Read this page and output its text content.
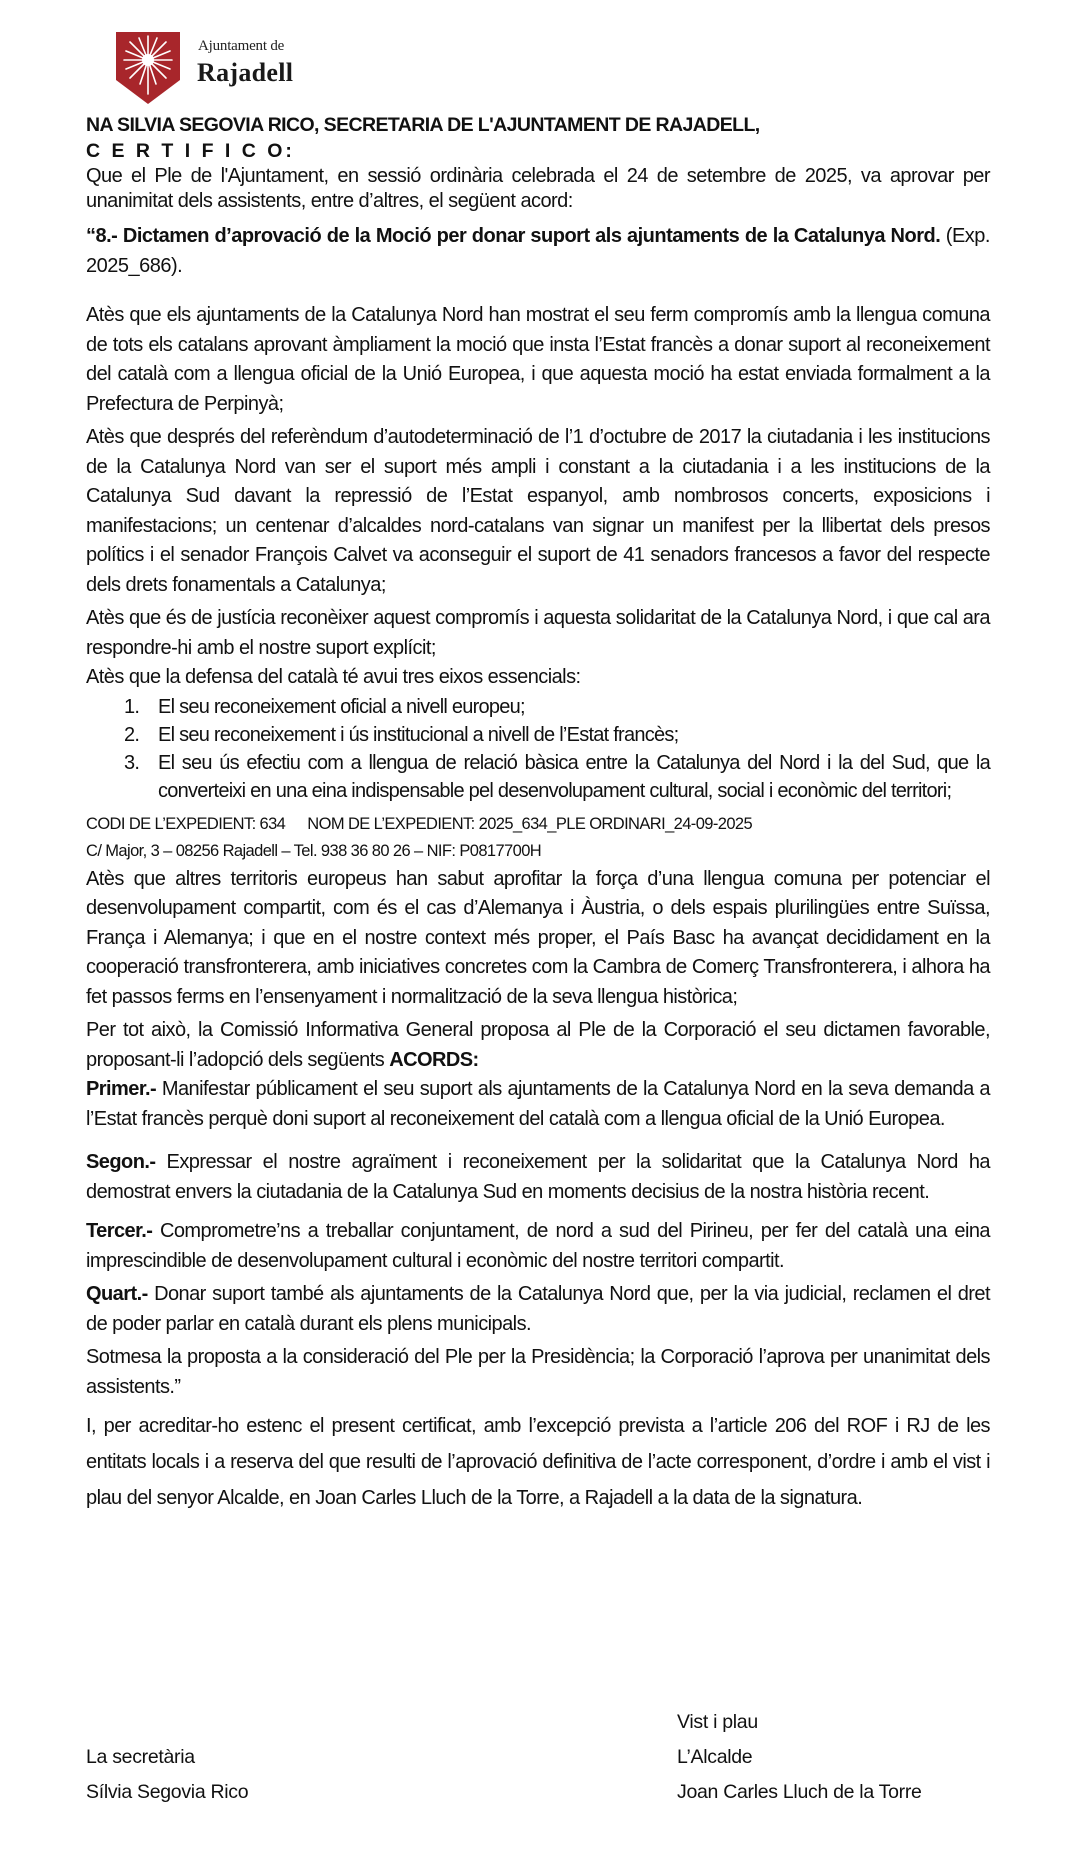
Ajuntament de
Rajadell

NA SILVIA SEGOVIA RICO, SECRETARIA DE L'AJUNTAMENT DE RAJADELL,

C E R T I F I C O:

Que el Ple de l'Ajuntament, en sessió ordinària celebrada el 24 de setembre de 2025, va aprovar per unanimitat dels assistents, entre d’altres, el següent acord:

“8.- Dictamen d’aprovació de la Moció per donar suport als ajuntaments de la Catalunya Nord. (Exp. 2025_686).

Atès que els ajuntaments de la Catalunya Nord han mostrat el seu ferm compromís amb la llengua comuna de tots els catalans aprovant àmpliament la moció que insta l’Estat francès a donar suport al reconeixement del català com a llengua oficial de la Unió Europea, i que aquesta moció ha estat enviada formalment a la Prefectura de Perpinyà;

Atès que després del referèndum d’autodeterminació de l’1 d’octubre de 2017 la ciutadania i les institucions de la Catalunya Nord van ser el suport més ampli i constant a la ciutadania i a les institucions de la Catalunya Sud davant la repressió de l’Estat espanyol, amb nombrosos concerts, exposicions i manifestacions; un centenar d’alcaldes nord-catalans van signar un manifest per la llibertat dels presos polítics i el senador François Calvet va aconseguir el suport de 41 senadors francesos a favor del respecte dels drets fonamentals a Catalunya;

Atès que és de justícia reconèixer aquest compromís i aquesta solidaritat de la Catalunya Nord, i que cal ara respondre-hi amb el nostre suport explícit;

Atès que la defensa del català té avui tres eixos essencials:

1. El seu reconeixement oficial a nivell europeu;
2. El seu reconeixement i ús institucional a nivell de l’Estat francès;
3. El seu ús efectiu com a llengua de relació bàsica entre la Catalunya del Nord i la del Sud, que la converteixi en una eina indispensable pel desenvolupament cultural, social i econòmic del territori;
CODI DE L’EXPEDIENT: 634 NOM DE L’EXPEDIENT: 2025_634_PLE ORDINARI_24-09-2025
C/ Major, 3 – 08256 Rajadell – Tel. 938 36 80 26 – NIF: P0817700H

Atès que altres territoris europeus han sabut aprofitar la força d’una llengua comuna per potenciar el desenvolupament compartit, com és el cas d’Alemanya i Àustria, o dels espais plurilingües entre Suïssa, França i Alemanya; i que en el nostre context més proper, el País Basc ha avançat decididament en la cooperació transfronterera, amb iniciatives concretes com la Cambra de Comerç Transfronterera, i alhora ha fet passos ferms en l’ensenyament i normalització de la seva llengua històrica;

Per tot això, la Comissió Informativa General proposa al Ple de la Corporació el seu dictamen favorable, proposant-li l’adopció dels següents ACORDS:

Primer.- Manifestar públicament el seu suport als ajuntaments de la Catalunya Nord en la seva demanda a l’Estat francès perquè doni suport al reconeixement del català com a llengua oficial de la Unió Europea.

Segon.- Expressar el nostre agraïment i reconeixement per la solidaritat que la Catalunya Nord ha demostrat envers la ciutadania de la Catalunya Sud en moments decisius de la nostra història recent.

Tercer.- Comprometre’ns a treballar conjuntament, de nord a sud del Pirineu, per fer del català una eina imprescindible de desenvolupament cultural i econòmic del nostre territori compartit.

Quart.- Donar suport també als ajuntaments de la Catalunya Nord que, per la via judicial, reclamen el dret de poder parlar en català durant els plens municipals.

Sotmesa la proposta a la consideració del Ple per la Presidència; la Corporació l’aprova per unanimitat dels assistents.”

I, per acreditar-ho estenc el present certificat, amb l’excepció prevista a l’article 206 del ROF i RJ de les entitats locals i a reserva del que resulti de l’aprovació definitiva de l’acte corresponent, d’ordre i amb el vist i plau del senyor Alcalde, en Joan Carles Lluch de la Torre, a Rajadell a la data de la signatura.

La secretària
Sílvia Segovia Rico
Vist i plau
L’Alcalde
Joan Carles Lluch de la Torre
